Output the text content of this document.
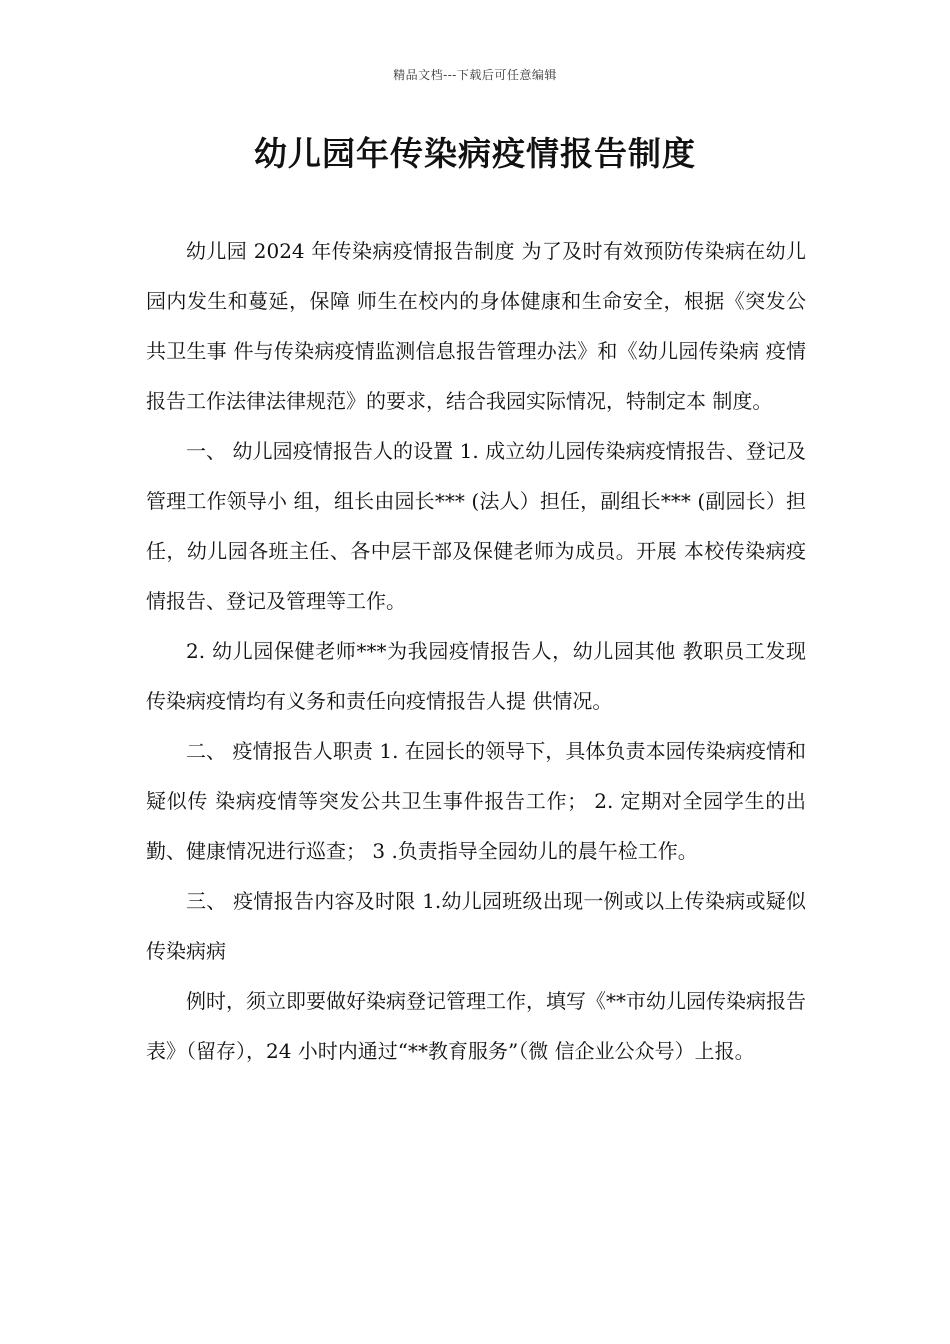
精品文档---下载后可任意编辑
幼儿园年传染病疫情报告制度

幼儿园 2024 年传染病疫情报告制度 为了及时有效预防传染病在幼儿园内发生和蔓延，保障 师生在校内的身体健康和生命安全，根据《突发公共卫生事 件与传染病疫情监测信息报告管理办法》和《幼儿园传染病 疫情报告工作法律法律规范》的要求，结合我园实际情况，特制定本 制度。

一、 幼儿园疫情报告人的设置 1. 成立幼儿园传染病疫情报告、登记及管理工作领导小 组，组长由园长*** (法人）担任，副组长*** (副园长）担 任，幼儿园各班主任、各中层干部及保健老师为成员。开展 本校传染病疫情报告、登记及管理等工作。

2. 幼儿园保健老师***为我园疫情报告人，幼儿园其他 教职员工发现传染病疫情均有义务和责任向疫情报告人提 供情况。

二、 疫情报告人职责 1. 在园长的领导下，具体负责本园传染病疫情和疑似传 染病疫情等突发公共卫生事件报告工作； 2. 定期对全园学生的出勤、健康情况进行巡查； 3 .负责指导全园幼儿的晨午检工作。

三、 疫情报告内容及时限 1.幼儿园班级出现一例或以上传染病或疑似传染病病

例时，须立即要做好染病登记管理工作，填写《**市幼儿园传染病报告表》（留存），24 小时内通过“**教育服务”（微 信企业公众号）上报。
